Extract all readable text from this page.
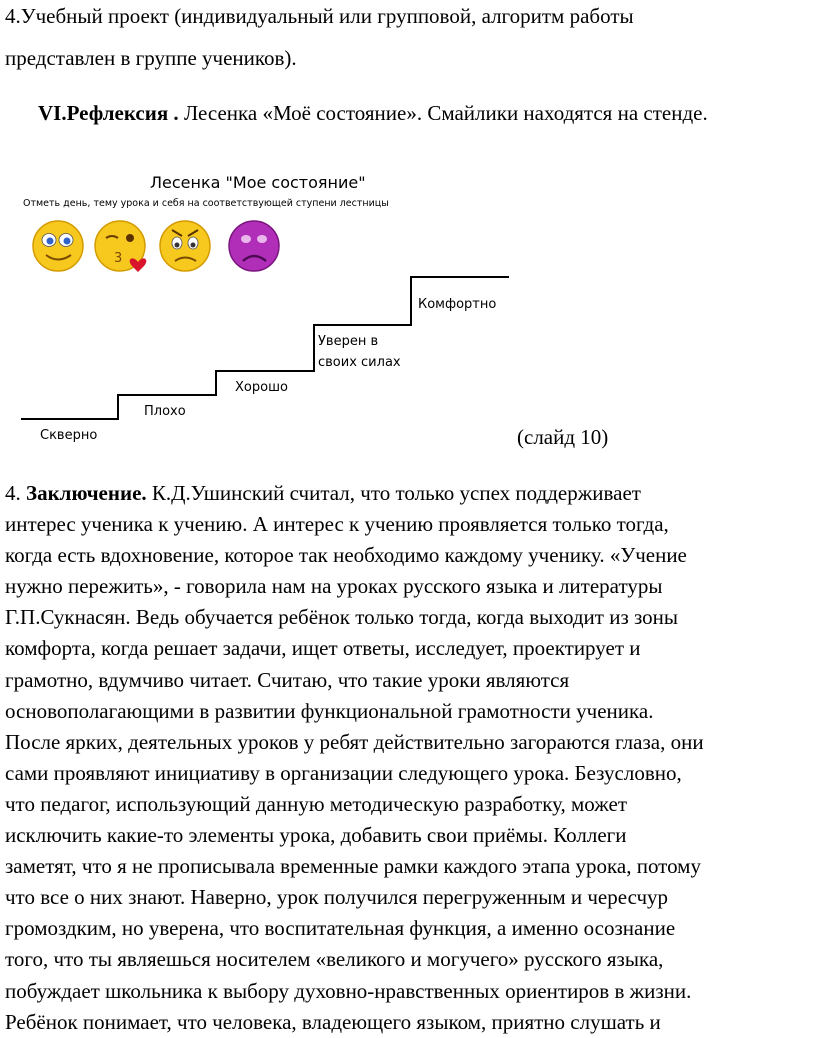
4.Учебный проект (индивидуальный или групповой, алгоритм работы
представлен в группе учеников).
VI.Рефлексия . Лесенка «Моё состояние». Смайлики находятся на стенде.
Лесенка "Мое состояние"
Отметь день, тему урока и себя на соответствующей ступени лестницы
3
Скверно
Плохо
Хорошо
Уверен в
своих силах
Комфортно
(слайд 10)
4. Заключение. К.Д.Ушинский считал, что только успех поддерживает
интерес ученика к учению. А интерес к учению проявляется только тогда,
когда есть вдохновение, которое так необходимо каждому ученику. «Учение
нужно пережить», - говорила нам на уроках русского языка и литературы
Г.П.Сукнасян. Ведь обучается ребёнок только тогда, когда выходит из зоны
комфорта, когда решает задачи, ищет ответы, исследует, проектирует и
грамотно, вдумчиво читает. Считаю, что такие уроки являются
основополагающими в развитии функциональной грамотности ученика.
После ярких, деятельных уроков у ребят действительно загораются глаза, они
сами проявляют инициативу в организации следующего урока. Безусловно,
что педагог, использующий данную методическую разработку, может
исключить какие-то элементы урока, добавить свои приёмы. Коллеги
заметят, что я не прописывала временные рамки каждого этапа урока, потому
что все о них знают. Наверно, урок получился перегруженным и чересчур
громоздким, но уверена, что воспитательная функция, а именно осознание
того, что ты являешься носителем «великого и могучего» русского языка,
побуждает школьника к выбору духовно-нравственных ориентиров в жизни.
Ребёнок понимает, что человека, владеющего языком, приятно слушать и
